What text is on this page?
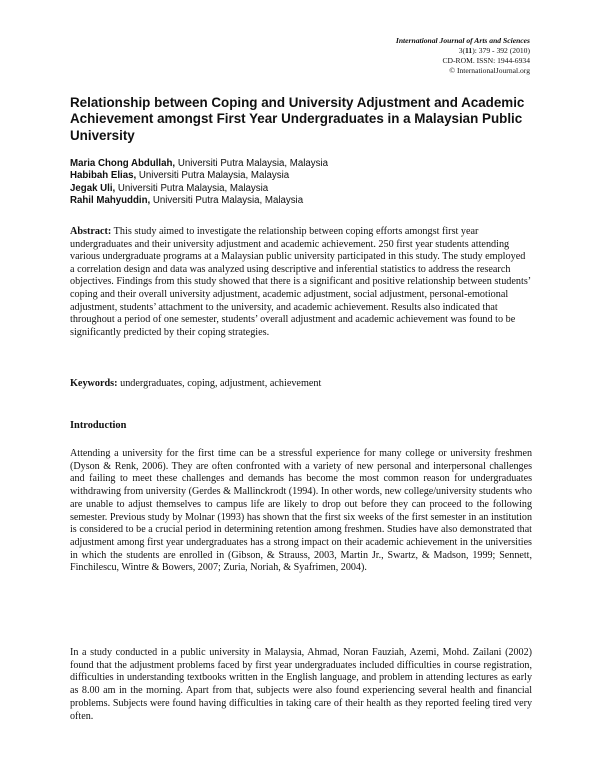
International Journal of Arts and Sciences
3(11): 379 - 392 (2010)
CD-ROM. ISSN: 1944-6934
© InternationalJournal.org
Relationship between Coping and University Adjustment and Academic Achievement amongst First Year Undergraduates in a Malaysian Public University
Maria Chong Abdullah, Universiti Putra Malaysia, Malaysia
Habibah Elias, Universiti Putra Malaysia, Malaysia
Jegak Uli, Universiti Putra Malaysia, Malaysia
Rahil Mahyuddin, Universiti Putra Malaysia, Malaysia
Abstract: This study aimed to investigate the relationship between coping efforts amongst first year undergraduates and their university adjustment and academic achievement. 250 first year students attending various undergraduate programs at a Malaysian public university participated in this study. The study employed a correlation design and data was analyzed using descriptive and inferential statistics to address the research objectives. Findings from this study showed that there is a significant and positive relationship between students’ coping and their overall university adjustment, academic adjustment, social adjustment, personal-emotional adjustment, students’ attachment to the university, and academic achievement. Results also indicated that throughout a period of one semester, students’ overall adjustment and academic achievement was found to be significantly predicted by their coping strategies.
Keywords: undergraduates, coping, adjustment, achievement
Introduction
Attending a university for the first time can be a stressful experience for many college or university freshmen (Dyson & Renk, 2006). They are often confronted with a variety of new personal and interpersonal challenges and failing to meet these challenges and demands has become the most common reason for undergraduates withdrawing from university (Gerdes & Mallinckrodt (1994). In other words, new college/university students who are unable to adjust themselves to campus life are likely to drop out before they can proceed to the following semester. Previous study by Molnar (1993) has shown that the first six weeks of the first semester in an institution is considered to be a crucial period in determining retention among freshmen. Studies have also demonstrated that adjustment among first year undergraduates has a strong impact on their academic achievement in the universities in which the students are enrolled in (Gibson, & Strauss, 2003, Martin Jr., Swartz, & Madson, 1999; Sennett, Finchilescu, Wintre & Bowers, 2007; Zuria, Noriah, & Syafrimen, 2004).
In a study conducted in a public university in Malaysia, Ahmad, Noran Fauziah, Azemi, Mohd. Zailani (2002) found that the adjustment problems faced by first year undergraduates included difficulties in course registration, difficulties in understanding textbooks written in the English language, and problem in attending lectures as early as 8.00 am in the morning. Apart from that, subjects were also found experiencing several health and financial problems. Subjects were found having difficulties in taking care of their health as they reported feeling tired very often.
